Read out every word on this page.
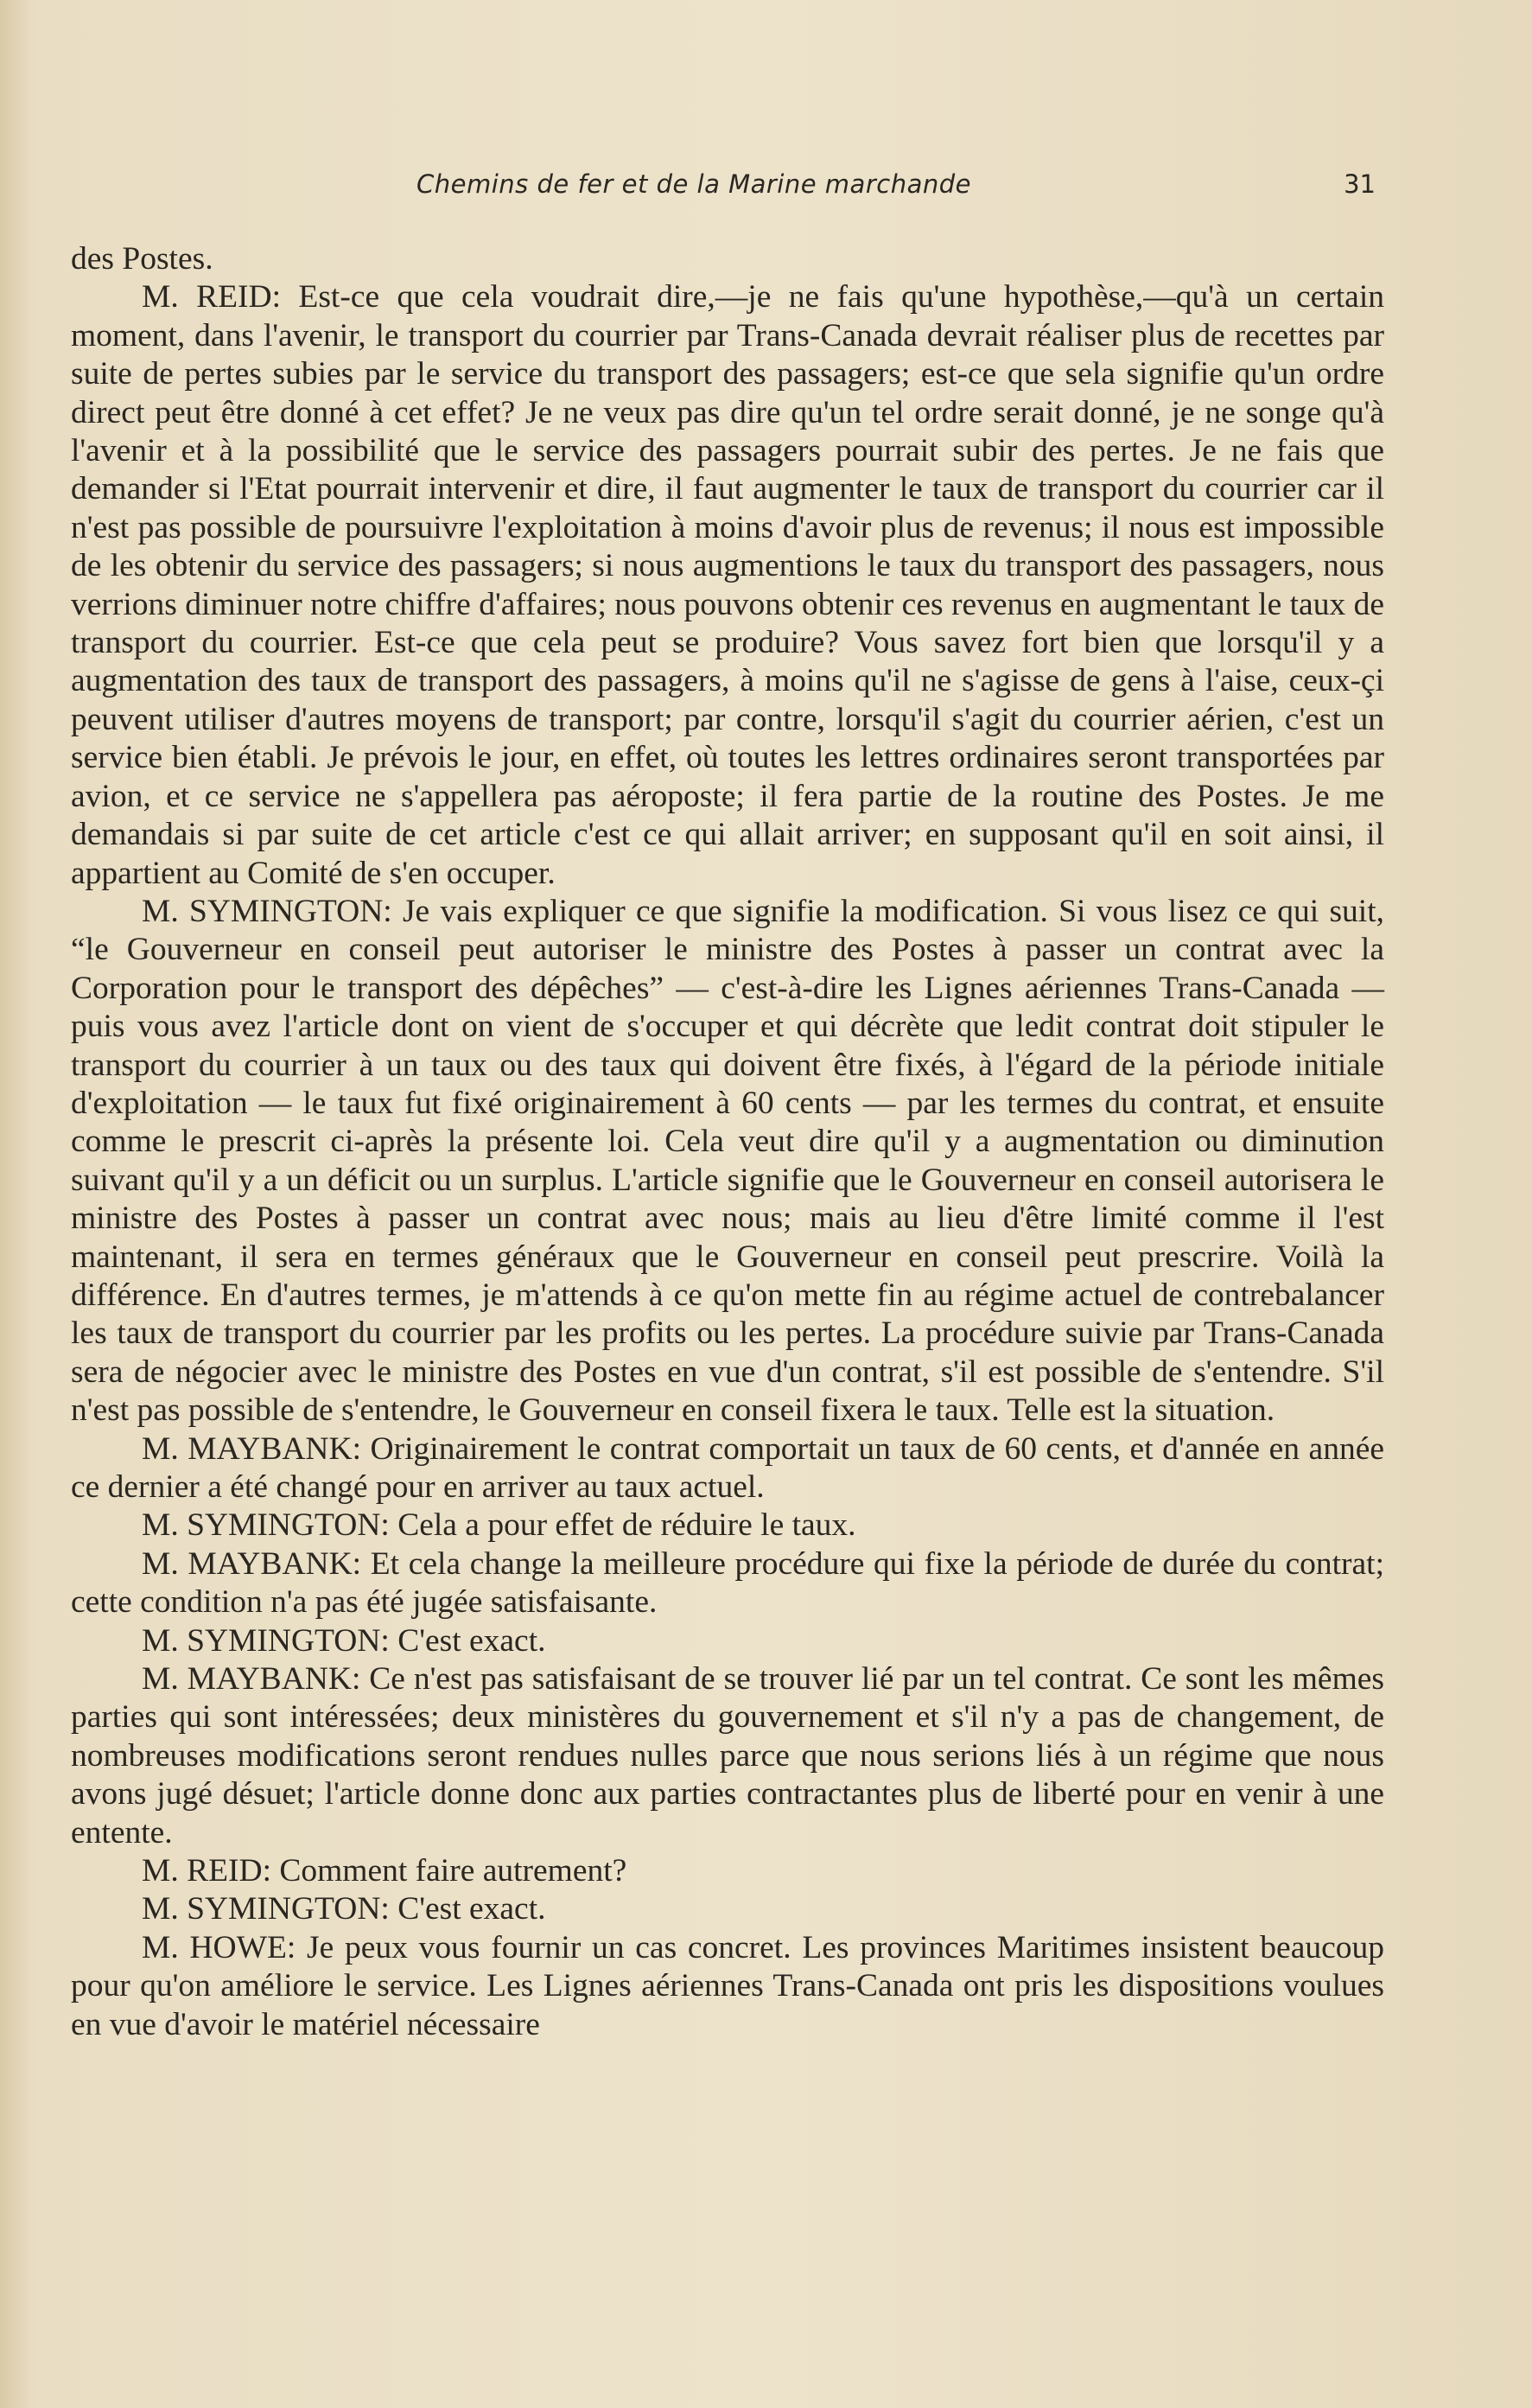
Chemins de fer et de la Marine marchande	31

des Postes.

M. REID: Est-ce que cela voudrait dire,—je ne fais qu'une hypothèse,—qu'à un certain moment, dans l'avenir, le transport du courrier par Trans-Canada devrait réaliser plus de recettes par suite de pertes subies par le service du transport des passagers; est-ce que sela signifie qu'un ordre direct peut être donné à cet effet? Je ne veux pas dire qu'un tel ordre serait donné, je ne songe qu'à l'avenir et à la possibilité que le service des passagers pourrait subir des pertes. Je ne fais que demander si l'Etat pourrait intervenir et dire, il faut augmenter le taux de transport du courrier car il n'est pas possible de poursuivre l'exploitation à moins d'avoir plus de revenus; il nous est impossible de les obtenir du service des passagers; si nous augmentions le taux du transport des passagers, nous verrions diminuer notre chiffre d'affaires; nous pouvons obtenir ces revenus en augmentant le taux de transport du courrier. Est-ce que cela peut se produire? Vous savez fort bien que lorsqu'il y a augmentation des taux de transport des passagers, à moins qu'il ne s'agisse de gens à l'aise, ceux-çi peuvent utiliser d'autres moyens de transport; par contre, lorsqu'il s'agit du courrier aérien, c'est un service bien établi. Je prévois le jour, en effet, où toutes les lettres ordinaires seront transportées par avion, et ce service ne s'appellera pas aéroposte; il fera partie de la routine des Postes. Je me demandais si par suite de cet article c'est ce qui allait arriver; en supposant qu'il en soit ainsi, il appartient au Comité de s'en occuper.

M. SYMINGTON: Je vais expliquer ce que signifie la modification. Si vous lisez ce qui suit, “le Gouverneur en conseil peut autoriser le ministre des Postes à passer un contrat avec la Corporation pour le transport des dépêches” — c'est-à-dire les Lignes aériennes Trans-Canada — puis vous avez l'article dont on vient de s'occuper et qui décrète que ledit contrat doit stipuler le transport du courrier à un taux ou des taux qui doivent être fixés, à l'égard de la période initiale d'exploitation — le taux fut fixé originairement à 60 cents — par les termes du contrat, et ensuite comme le prescrit ci-après la présente loi. Cela veut dire qu'il y a augmentation ou diminution suivant qu'il y a un déficit ou un surplus. L'article signifie que le Gouverneur en conseil autorisera le ministre des Postes à passer un contrat avec nous; mais au lieu d'être limité comme il l'est maintenant, il sera en termes généraux que le Gouverneur en conseil peut prescrire. Voilà la différence. En d'autres termes, je m'attends à ce qu'on mette fin au régime actuel de contrebalancer les taux de transport du courrier par les profits ou les pertes. La procédure suivie par Trans-Canada sera de négocier avec le ministre des Postes en vue d'un contrat, s'il est possible de s'entendre. S'il n'est pas possible de s'entendre, le Gouverneur en conseil fixera le taux. Telle est la situation.

M. MAYBANK: Originairement le contrat comportait un taux de 60 cents, et d'année en année ce dernier a été changé pour en arriver au taux actuel.

M. SYMINGTON: Cela a pour effet de réduire le taux.

M. MAYBANK: Et cela change la meilleure procédure qui fixe la période de durée du contrat; cette condition n'a pas été jugée satisfaisante.

M. SYMINGTON: C'est exact.

M. MAYBANK: Ce n'est pas satisfaisant de se trouver lié par un tel contrat. Ce sont les mêmes parties qui sont intéressées; deux ministères du gouvernement et s'il n'y a pas de changement, de nombreuses modifications seront rendues nulles parce que nous serions liés à un régime que nous avons jugé désuet; l'article donne donc aux parties contractantes plus de liberté pour en venir à une entente.

M. REID: Comment faire autrement?

M. SYMINGTON: C'est exact.

M. HOWE: Je peux vous fournir un cas concret. Les provinces Maritimes insistent beaucoup pour qu'on améliore le service. Les Lignes aériennes Trans-Canada ont pris les dispositions voulues en vue d'avoir le matériel nécessaire
